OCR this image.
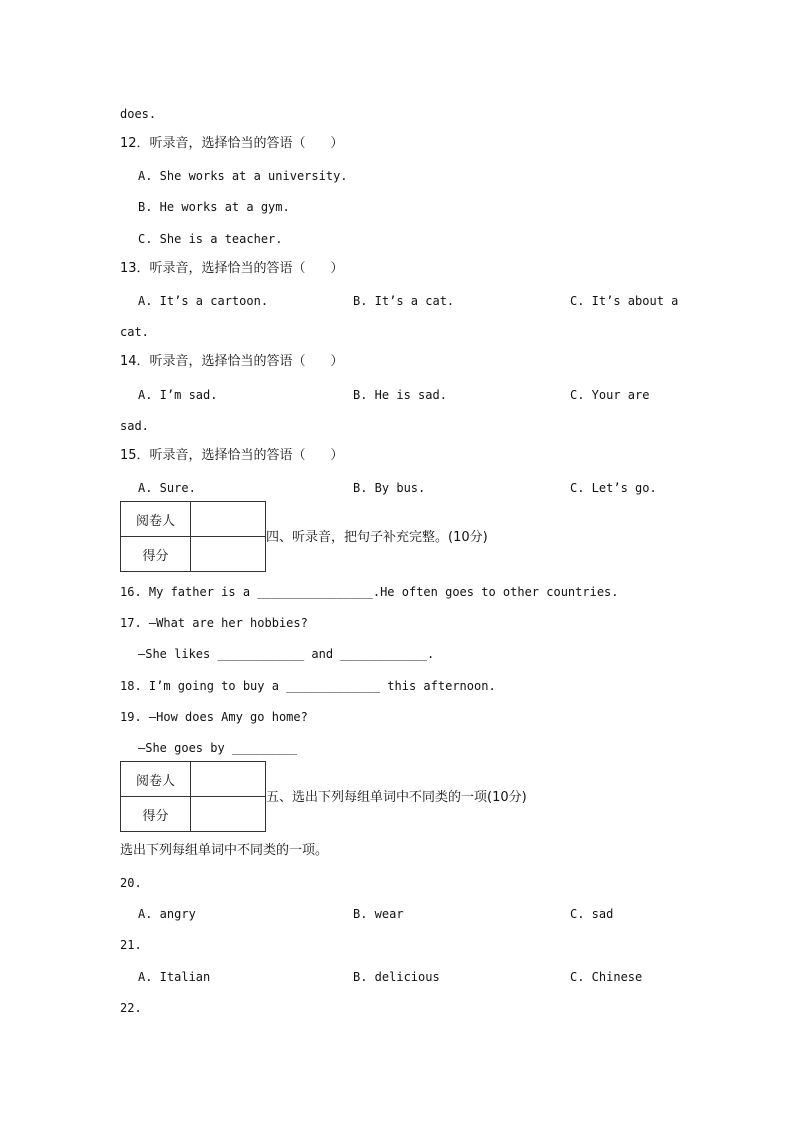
does.
12．听录音，选择恰当的答语（      ）
A. She works at a university.
B. He works at a gym.
C. She is a teacher.
13．听录音，选择恰当的答语（      ）
A. It’s a cartoon.	B. It’s a cat.	C. It’s about a
cat.
14．听录音，选择恰当的答语（      ）
A. I’m sad.	B. He is sad.	C. Your are
sad.
15．听录音，选择恰当的答语（      ）
A. Sure.	B. By bus.	C. Let’s go.
阅卷人	
得分	
四、听录音，把句子补充完整。(10分)
16. My father is a ________________.He often goes to other countries.
17. —What are her hobbies?
—She likes ____________ and ____________.
18. I’m going to buy a _____________ this afternoon.
19. —How does Amy go home?
—She goes by _________
阅卷人	
得分	
五、选出下列每组单词中不同类的一项(10分)
选出下列每组单词中不同类的一项。
20.
A. angry	B. wear	C. sad
21.
A. Italian	B. delicious	C. Chinese
22.
